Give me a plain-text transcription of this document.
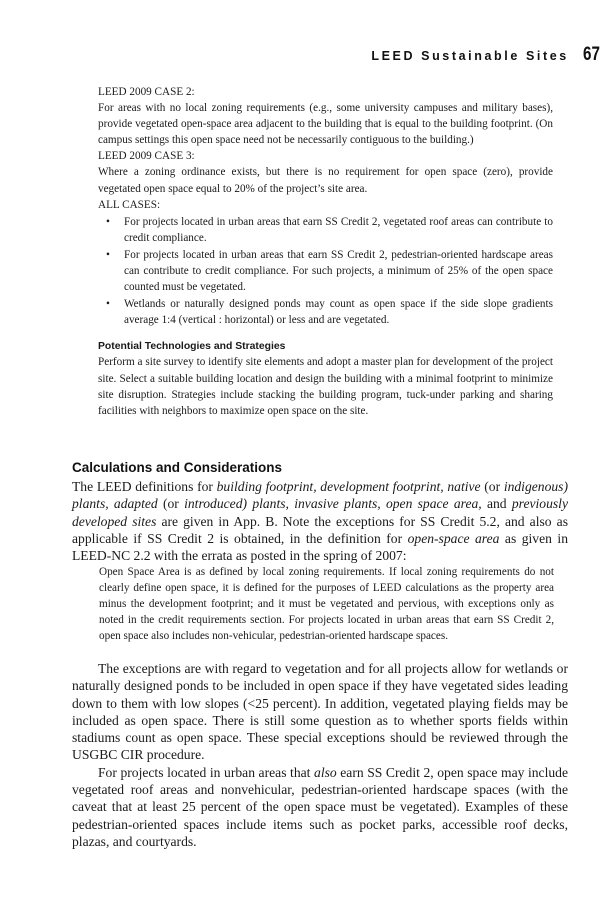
LEED Sustainable Sites 67

LEED 2009 CASE 2:

For areas with no local zoning requirements (e.g., some university campuses and military bases), provide vegetated open-space area adjacent to the building that is equal to the building footprint. (On campus settings this open space need not be necessarily contiguous to the building.)

LEED 2009 CASE 3:

Where a zoning ordinance exists, but there is no requirement for open space (zero), provide vegetated open space equal to 20% of the project’s site area.

ALL CASES:

• For projects located in urban areas that earn SS Credit 2, vegetated roof areas can contribute to credit compliance.
• For projects located in urban areas that earn SS Credit 2, pedestrian-oriented hardscape areas can contribute to credit compliance. For such projects, a minimum of 25% of the open space counted must be vegetated.
• Wetlands or naturally designed ponds may count as open space if the side slope gradients average 1:4 (vertical : horizontal) or less and are vegetated.
Potential Technologies and Strategies

Perform a site survey to identify site elements and adopt a master plan for development of the project site. Select a suitable building location and design the building with a minimal footprint to minimize site disruption. Strategies include stacking the building program, tuck-under parking and sharing facilities with neighbors to maximize open space on the site.

Calculations and Considerations

The LEED definitions for building footprint, development footprint, native (or indigenous) plants, adapted (or introduced) plants, invasive plants, open space area, and previously developed sites are given in App. B. Note the exceptions for SS Credit 5.2, and also as applicable if SS Credit 2 is obtained, in the definition for open-space area as given in LEED-NC 2.2 with the errata as posted in the spring of 2007:

Open Space Area is as defined by local zoning requirements. If local zoning requirements do not clearly define open space, it is defined for the purposes of LEED calculations as the property area minus the development footprint; and it must be vegetated and pervious, with exceptions only as noted in the credit requirements section. For projects located in urban areas that earn SS Credit 2, open space also includes non-vehicular, pedestrian-oriented hardscape spaces.

The exceptions are with regard to vegetation and for all projects allow for wetlands or naturally designed ponds to be included in open space if they have vegetated sides leading down to them with low slopes (<25 percent). In addition, vegetated playing fields may be included as open space. There is still some question as to whether sports fields within stadiums count as open space. These special exceptions should be reviewed through the USGBC CIR procedure.

For projects located in urban areas that also earn SS Credit 2, open space may include vegetated roof areas and nonvehicular, pedestrian-oriented hardscape spaces (with the caveat that at least 25 percent of the open space must be vegetated). Examples of these pedestrian-oriented spaces include items such as pocket parks, accessible roof decks, plazas, and courtyards.
